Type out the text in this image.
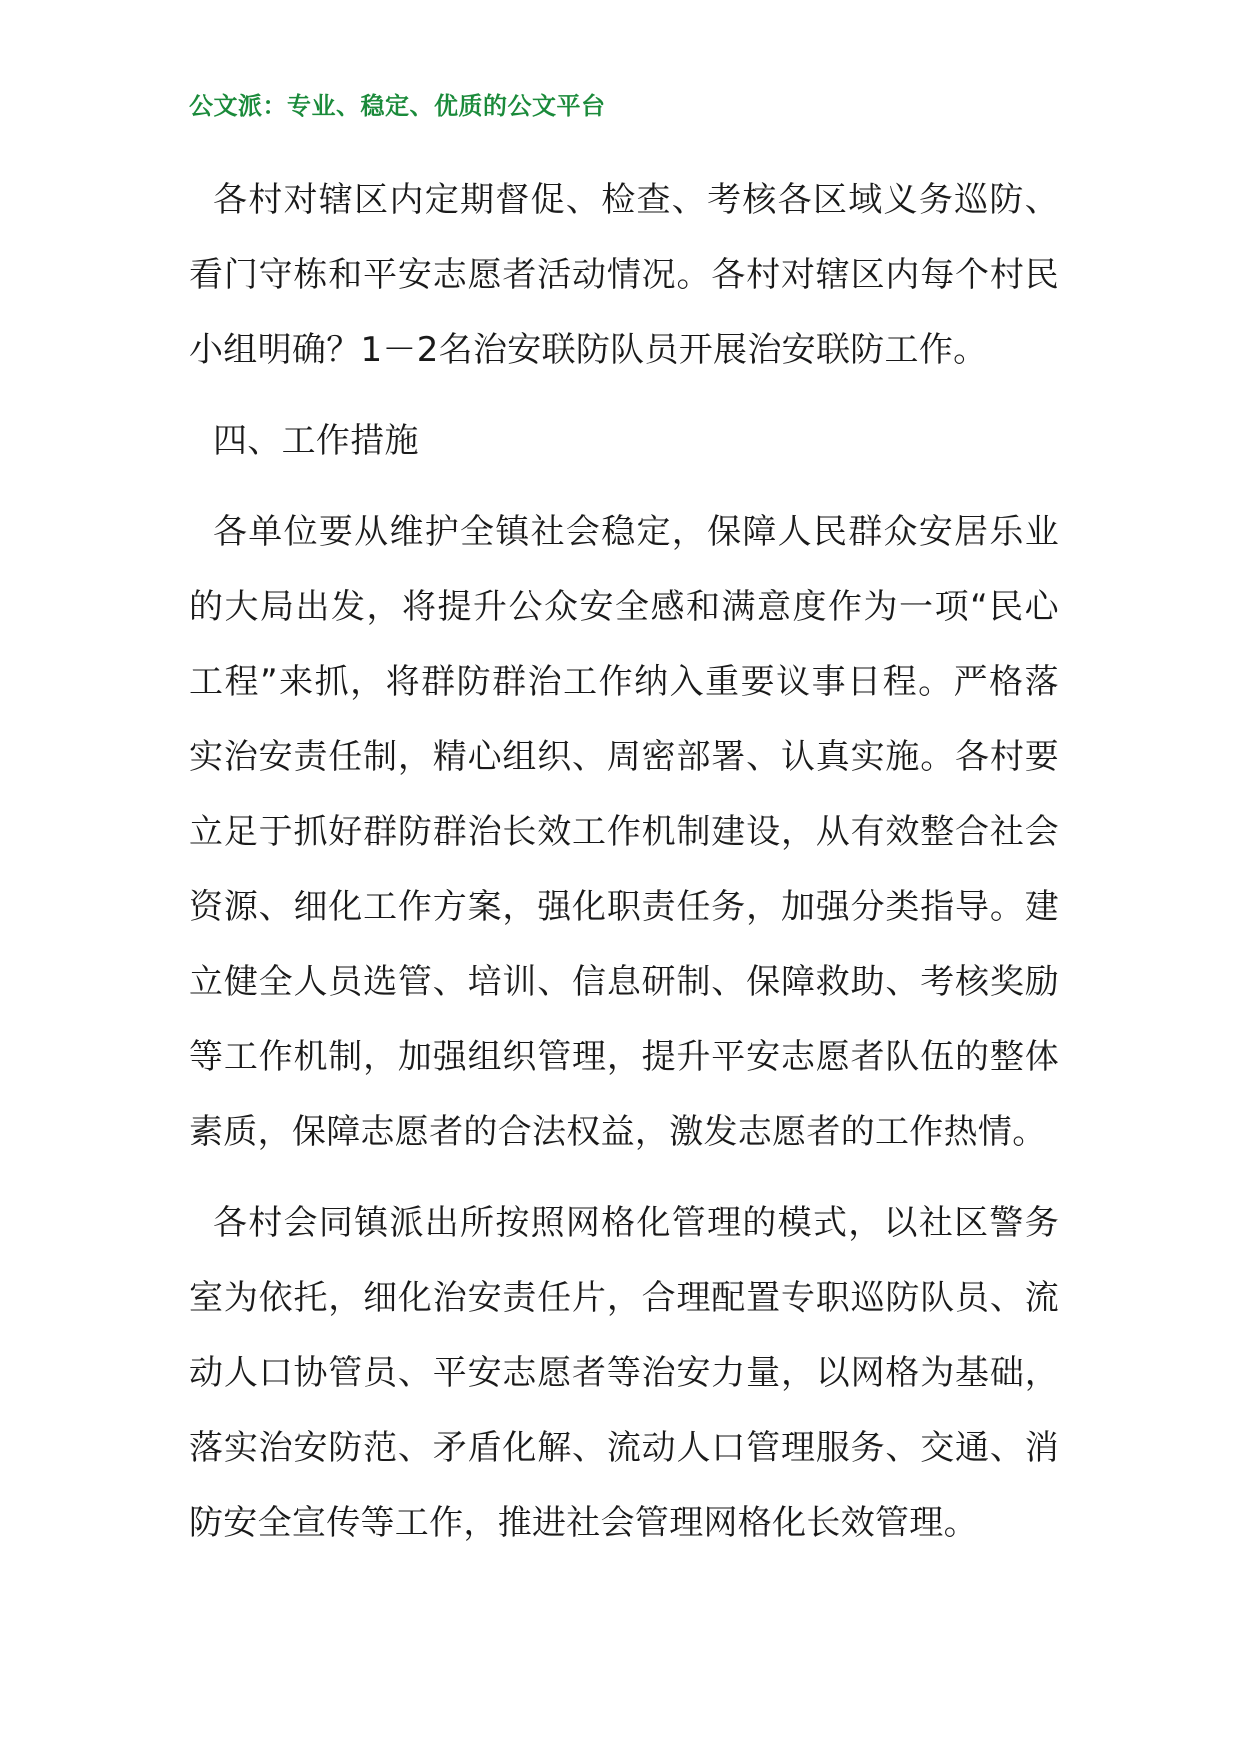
公文派：专业、稳定、优质的公文平台

各村对辖区内定期督促、检查、考核各区域义务巡防、看门守栋和平安志愿者活动情况。各村对辖区内每个村民小组明确？1－2名治安联防队员开展治安联防工作。

四、工作措施

各单位要从维护全镇社会稳定，保障人民群众安居乐业的大局出发，将提升公众安全感和满意度作为一项“民心工程”来抓，将群防群治工作纳入重要议事日程。严格落实治安责任制，精心组织、周密部署、认真实施。各村要立足于抓好群防群治长效工作机制建设，从有效整合社会资源、细化工作方案，强化职责任务，加强分类指导。建立健全人员选管、培训、信息研制、保障救助、考核奖励等工作机制，加强组织管理，提升平安志愿者队伍的整体素质，保障志愿者的合法权益，激发志愿者的工作热情。

各村会同镇派出所按照网格化管理的模式，以社区警务室为依托，细化治安责任片，合理配置专职巡防队员、流动人口协管员、平安志愿者等治安力量，以网格为基础，落实治安防范、矛盾化解、流动人口管理服务、交通、消防安全宣传等工作，推进社会管理网格化长效管理。
